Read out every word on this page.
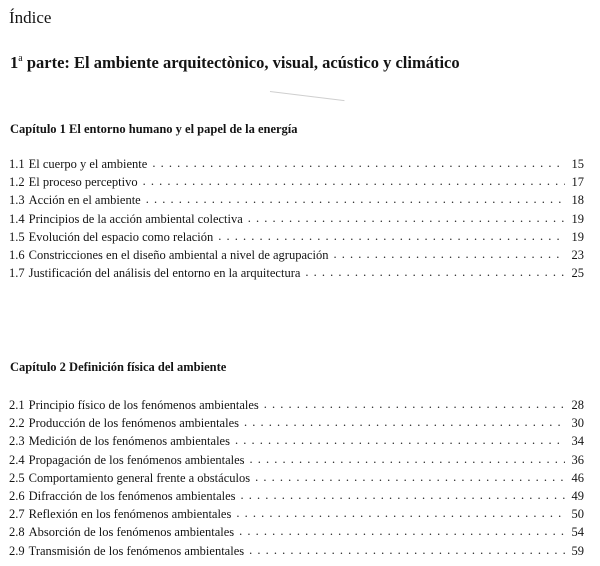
Índice
1$^a$ parte: El ambiente arquitectònico, visual, acústico y climático
Capítulo 1 El entorno humano y el papel de la energía
1.1 El cuerpo y el ambiente . . .	15
1.2 El proceso perceptivo . . .	17
1.3 Acción en el ambiente . . .	18
1.4 Principios de la acción ambiental colectiva . . .	19
1.5 Evolución del espacio como relación . . .	19
1.6 Constricciones en el diseño ambiental a nivel de agrupación . . .	23
1.7 Justificación del análisis del entorno en la arquitectura . . .	25
Capítulo 2 Definición física del ambiente
2.1 Principio físico de los fenómenos ambientales . . .	28
2.2 Producción de los fenómenos ambientales . . .	30
2.3 Medición de los fenómenos ambientales . . .	34
2.4 Propagación de los fenómenos ambientales . . .	36
2.5 Comportamiento general frente a obstáculos . . .	46
2.6 Difracción de los fenómenos ambientales . . .	49
2.7 Reflexión en los fenómenos ambientales . . .	50
2.8 Absorción de los fenómenos ambientales . . .	54
2.9 Transmisión de los fenómenos ambientales . . .	59
